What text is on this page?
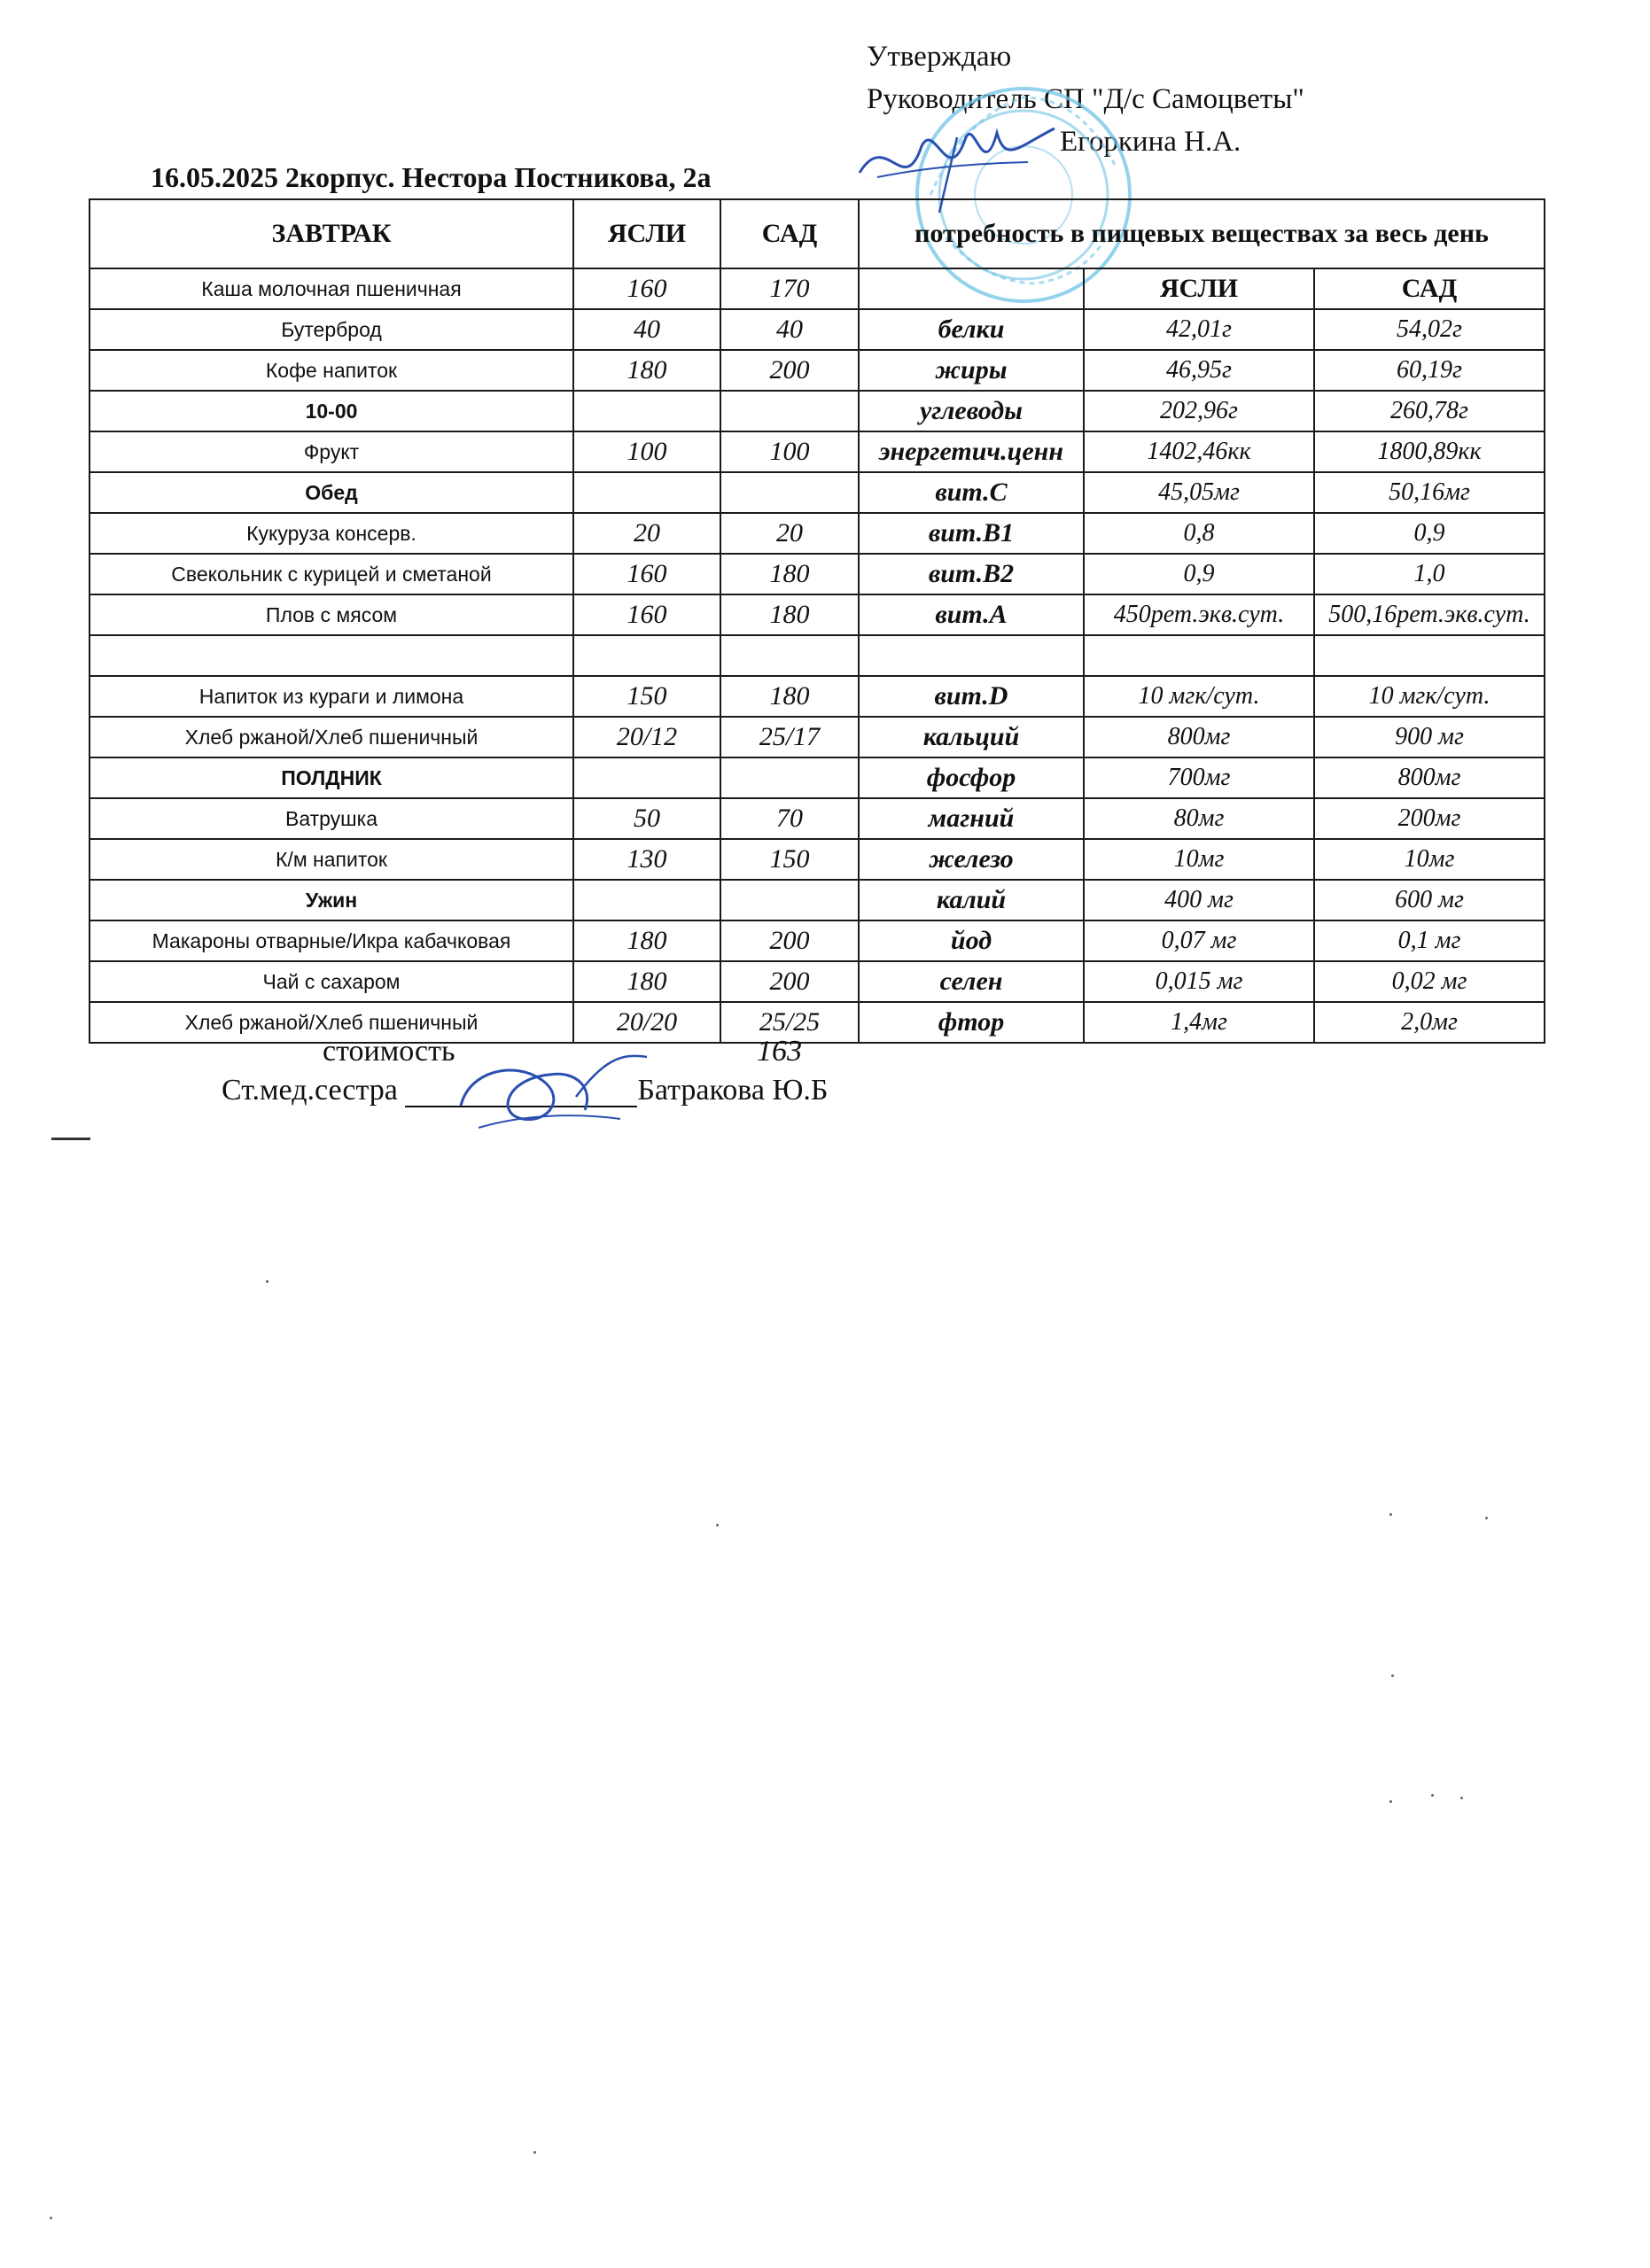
Утверждаю
Руководитель СП "Д/с Самоцветы"
Егоркина Н.А.
16.05.2025 2корпус. Нестора Постникова, 2а
ЗАВТРАК	ЯСЛИ	САД	потребность в пищевых веществах за весь день		
Каша молочная пшеничная	160	170		ЯСЛИ	САД
Бутерброд	40	40	белки	42,01г	54,02г
Кофе напиток	180	200	жиры	46,95г	60,19г
10-00			углеводы	202,96г	260,78г
Фрукт	100	100	энергетич.ценн	1402,46кк	1800,89кк
Обед			вит.С	45,05мг	50,16мг
Кукуруза консерв.	20	20	вит.В1	0,8	0,9
Свекольник с курицей и сметаной	160	180	вит.В2	0,9	1,0
Плов с мясом	160	180	вит.А	450рет.экв.сут.	500,16рет.экв.сут.

Напиток из кураги и лимона	150	180	вит.D	10 мгк/сут.	10 мгк/сут.
Хлеб ржаной/Хлеб пшеничный	20/12	25/17	кальций	800мг	900 мг
ПОЛДНИК			фосфор	700мг	800мг
Ватрушка	50	70	магний	80мг	200мг
К/м напиток	130	150	железо	10мг	10мг
Ужин			калий	400 мг	600 мг
Макароны отварные/Икра кабачковая	180	200	йод	0,07 мг	0,1 мг
Чай с сахаром	180	200	селен	0,015 мг	0,02 мг
Хлеб ржаной/Хлеб пшеничный	20/20	25/25	фтор	1,4мг	2,0мг
стоимость	163
Ст.мед.сестра	Батракова Ю.Б
